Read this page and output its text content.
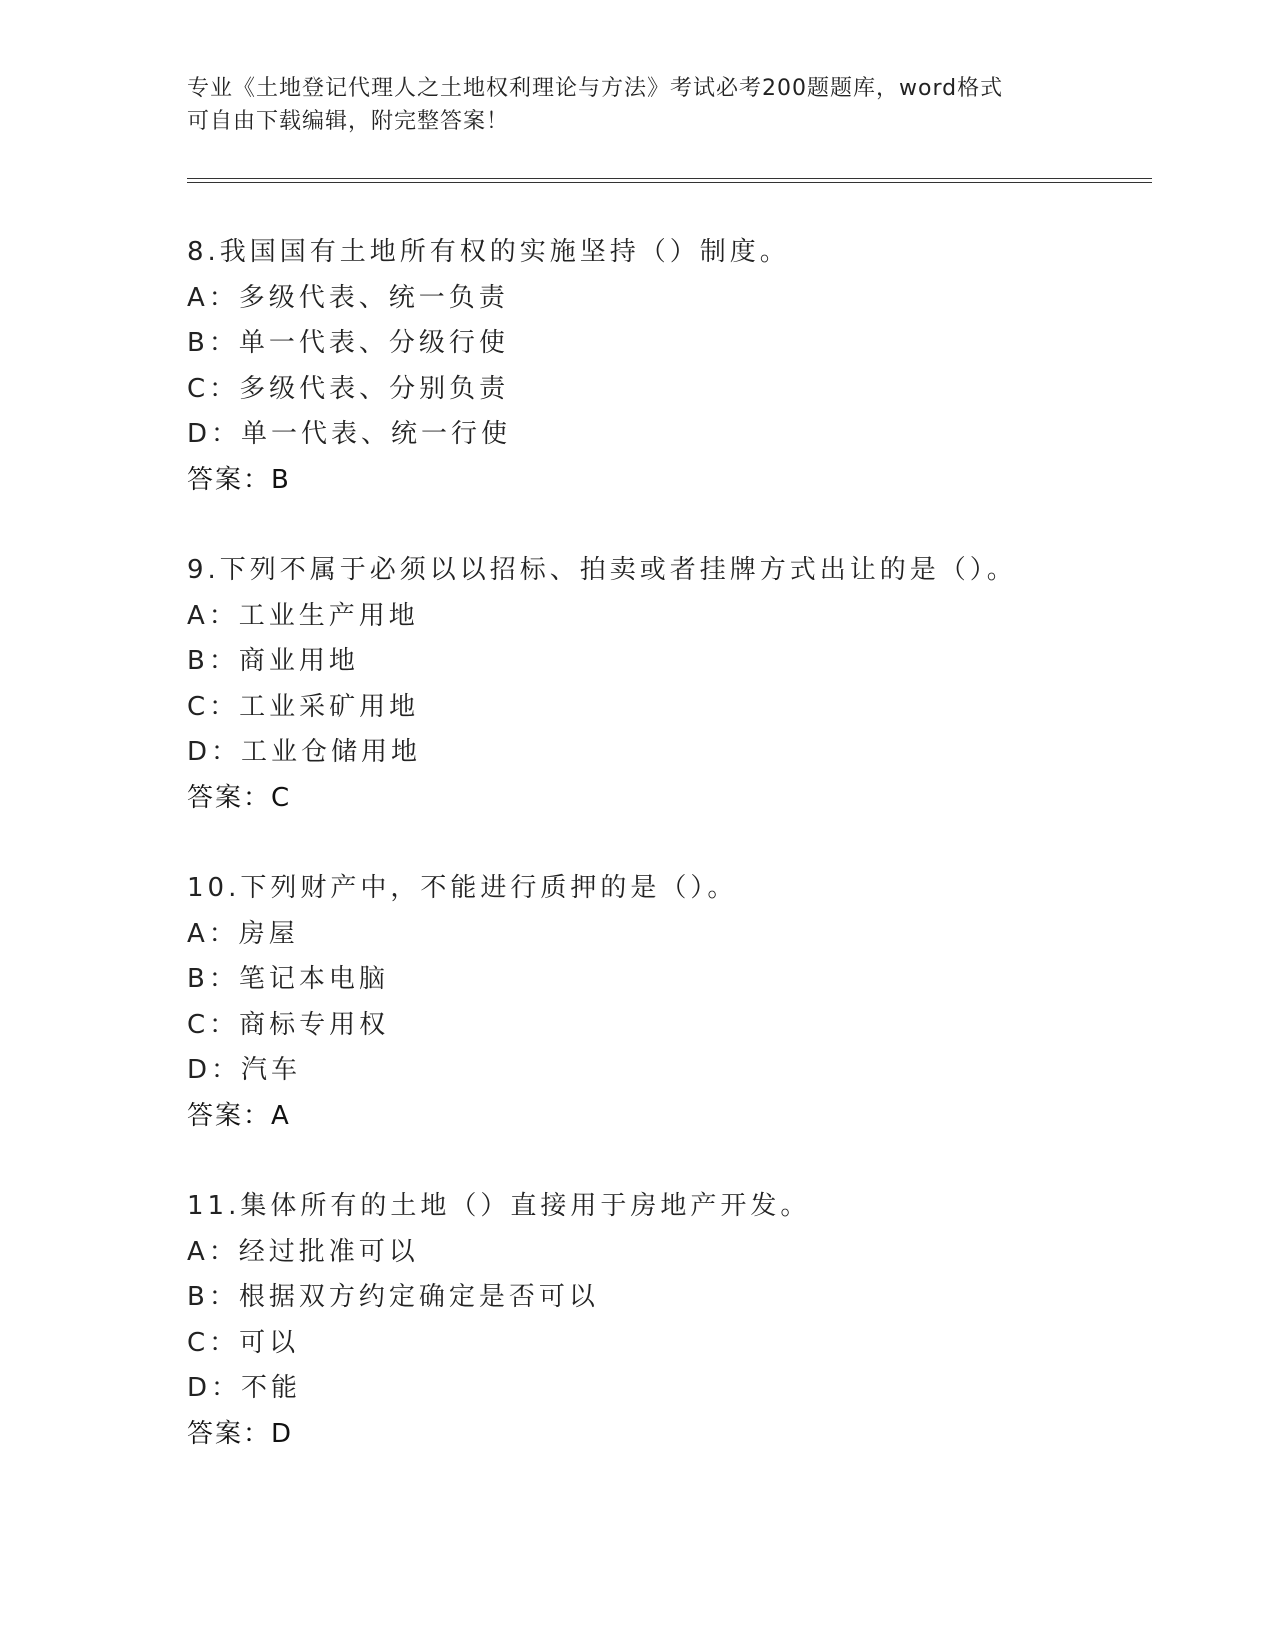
专业《土地登记代理人之土地权利理论与方法》考试必考200题题库，word格式
可自由下载编辑，附完整答案！
8.我国国有土地所有权的实施坚持（）制度。
A：多级代表、统一负责
B：单一代表、分级行使
C：多级代表、分别负责
D：单一代表、统一行使
答案：B
9.下列不属于必须以以招标、拍卖或者挂牌方式出让的是（）。
A：工业生产用地
B：商业用地
C：工业采矿用地
D：工业仓储用地
答案：C
10.下列财产中，不能进行质押的是（）。
A：房屋
B：笔记本电脑
C：商标专用权
D：汽车
答案：A
11.集体所有的土地（）直接用于房地产开发。
A：经过批准可以
B：根据双方约定确定是否可以
C：可以
D：不能
答案：D
